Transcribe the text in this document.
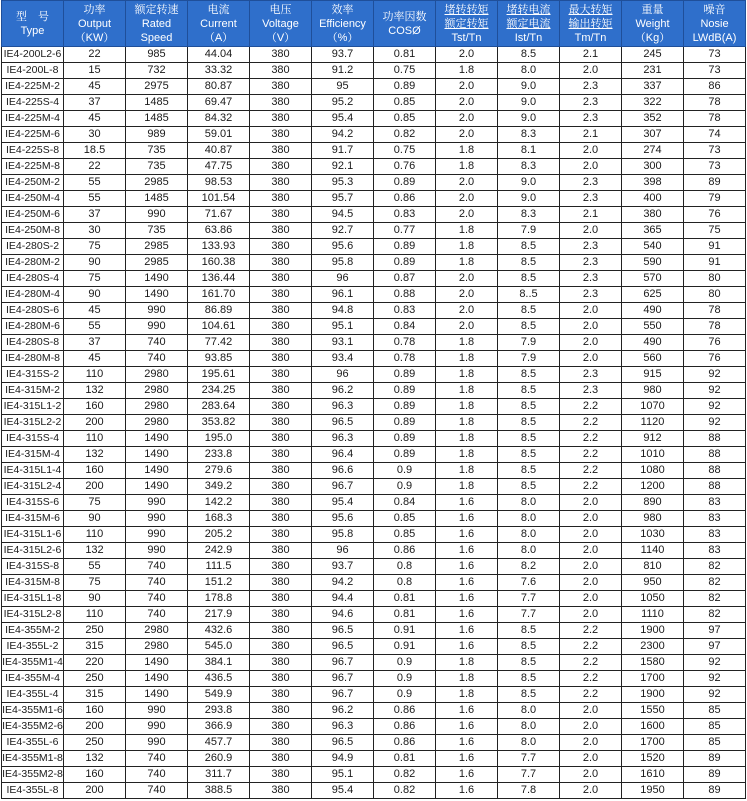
型　号
Type	功率
Output
（KW）	额定转速
Rated
Speed	电流
Current
（A）	电压
Voltage
（V）	效率
Efficiency
（%）	功率因数
COSØ	堵转转矩
额定转矩
Tst/Tn	堵转电流
额定电流
Ist/Tn	最大转矩
输出转矩
Tm/Tn	重量
Weight
（Kg）	噪音
Nosie
LWdB(A)

IE4-200L2-6	22	985	44.04	380	93.7	0.81	2.0	8.5	2.1	245	73
IE4-200L-8	15	732	33.32	380	91.2	0.75	1.8	8.0	2.0	231	73
IE4-225M-2	45	2975	80.87	380	95	0.89	2.0	9.0	2.3	337	86
IE4-225S-4	37	1485	69.47	380	95.2	0.85	2.0	9.0	2.3	322	78
IE4-225M-4	45	1485	84.32	380	95.4	0.85	2.0	9.0	2.3	352	78
IE4-225M-6	30	989	59.01	380	94.2	0.82	2.0	8.3	2.1	307	74
IE4-225S-8	18.5	735	40.87	380	91.7	0.75	1.8	8.1	2.0	274	73
IE4-225M-8	22	735	47.75	380	92.1	0.76	1.8	8.3	2.0	300	73
IE4-250M-2	55	2985	98.53	380	95.3	0.89	2.0	9.0	2.3	398	89
IE4-250M-4	55	1485	101.54	380	95.7	0.86	2.0	9.0	2.3	400	79
IE4-250M-6	37	990	71.67	380	94.5	0.83	2.0	8.3	2.1	380	76
IE4-250M-8	30	735	63.86	380	92.7	0.77	1.8	7.9	2.0	365	75
IE4-280S-2	75	2985	133.93	380	95.6	0.89	1.8	8.5	2.3	540	91
IE4-280M-2	90	2985	160.38	380	95.8	0.89	1.8	8.5	2.3	590	91
IE4-280S-4	75	1490	136.44	380	96	0.87	2.0	8.5	2.3	570	80
IE4-280M-4	90	1490	161.70	380	96.1	0.88	2.0	8..5	2.3	625	80
IE4-280S-6	45	990	86.89	380	94.8	0.83	2.0	8.5	2.0	490	78
IE4-280M-6	55	990	104.61	380	95.1	0.84	2.0	8.5	2.0	550	78
IE4-280S-8	37	740	77.42	380	93.1	0.78	1.8	7.9	2.0	490	76
IE4-280M-8	45	740	93.85	380	93.4	0.78	1.8	7.9	2.0	560	76
IE4-315S-2	110	2980	195.61	380	96	0.89	1.8	8.5	2.3	915	92
IE4-315M-2	132	2980	234.25	380	96.2	0.89	1.8	8.5	2.3	980	92
IE4-315L1-2	160	2980	283.64	380	96.3	0.89	1.8	8.5	2.2	1070	92
IE4-315L2-2	200	2980	353.82	380	96.5	0.89	1.8	8.5	2.2	1120	92
IE4-315S-4	110	1490	195.0	380	96.3	0.89	1.8	8.5	2.2	912	88
IE4-315M-4	132	1490	233.8	380	96.4	0.89	1.8	8.5	2.2	1010	88
IE4-315L1-4	160	1490	279.6	380	96.6	0.9	1.8	8.5	2.2	1080	88
IE4-315L2-4	200	1490	349.2	380	96.7	0.9	1.8	8.5	2.2	1200	88
IE4-315S-6	75	990	142.2	380	95.4	0.84	1.6	8.0	2.0	890	83
IE4-315M-6	90	990	168.3	380	95.6	0.85	1.6	8.0	2.0	980	83
IE4-315L1-6	110	990	205.2	380	95.8	0.85	1.6	8.0	2.0	1030	83
IE4-315L2-6	132	990	242.9	380	96	0.86	1.6	8.0	2.0	1140	83
IE4-315S-8	55	740	111.5	380	93.7	0.8	1.6	8.2	2.0	810	82
IE4-315M-8	75	740	151.2	380	94.2	0.8	1.6	7.6	2.0	950	82
IE4-315L1-8	90	740	178.8	380	94.4	0.81	1.6	7.7	2.0	1050	82
IE4-315L2-8	110	740	217.9	380	94.6	0.81	1.6	7.7	2.0	1110	82
IE4-355M-2	250	2980	432.6	380	96.5	0.91	1.6	8.5	2.2	1900	97
IE4-355L-2	315	2980	545.0	380	96.5	0.91	1.6	8.5	2.2	2300	97
IE4-355M1-4	220	1490	384.1	380	96.7	0.9	1.8	8.5	2.2	1580	92
IE4-355M-4	250	1490	436.5	380	96.7	0.9	1.8	8.5	2.2	1700	92
IE4-355L-4	315	1490	549.9	380	96.7	0.9	1.8	8.5	2.2	1900	92
IE4-355M1-6	160	990	293.8	380	96.2	0.86	1.6	8.0	2.0	1550	85
IE4-355M2-6	200	990	366.9	380	96.3	0.86	1.6	8.0	2.0	1600	85
IE4-355L-6	250	990	457.7	380	96.5	0.86	1.6	8.0	2.0	1700	85
IE4-355M1-8	132	740	260.9	380	94.9	0.81	1.6	7.7	2.0	1520	89
IE4-355M2-8	160	740	311.7	380	95.1	0.82	1.6	7.7	2.0	1610	89
IE4-355L-8	200	740	388.5	380	95.4	0.82	1.6	7.8	2.0	1950	89
